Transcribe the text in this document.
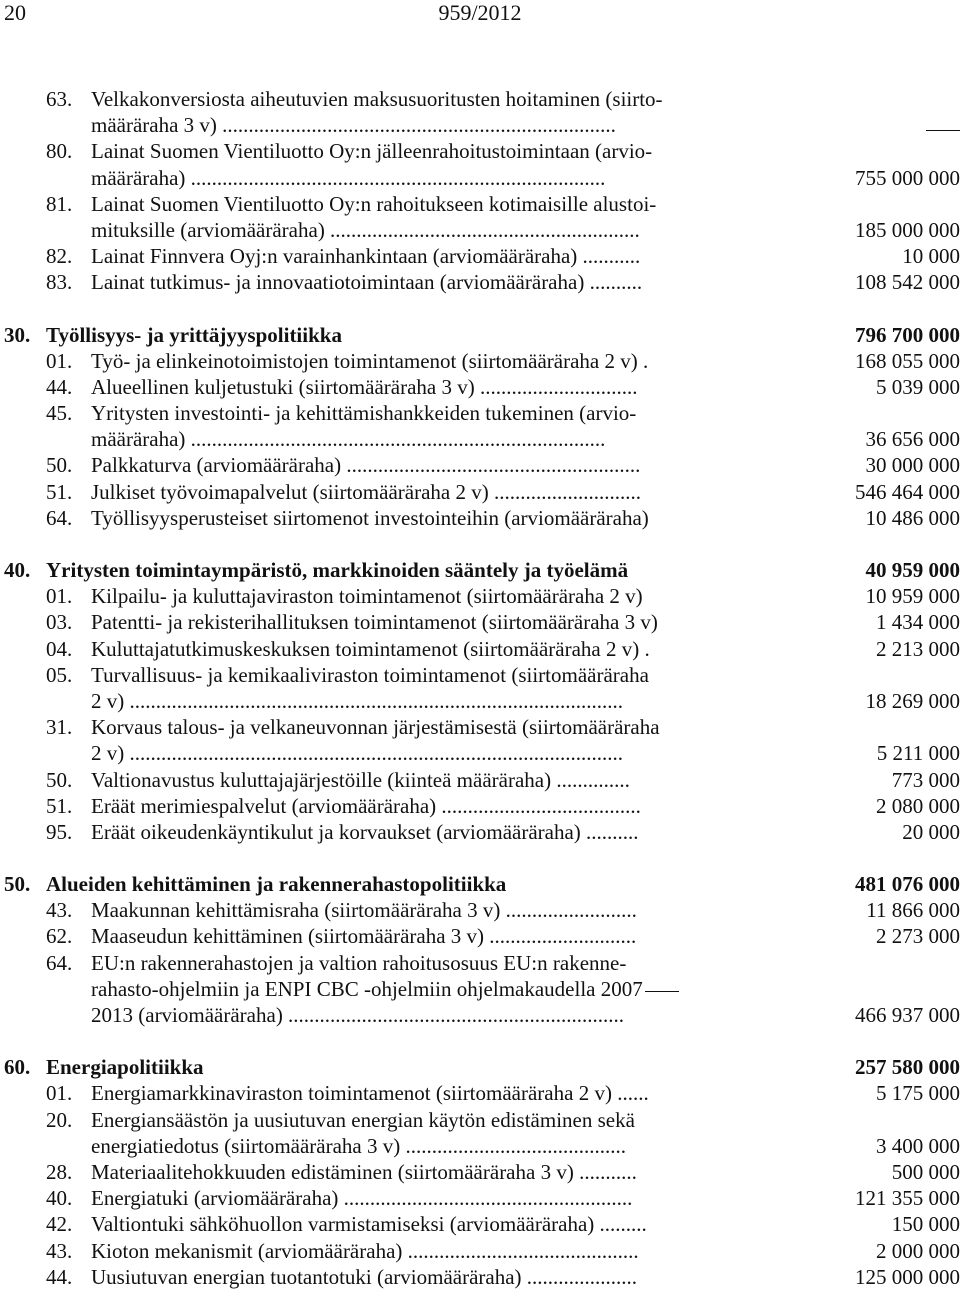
20	959/2012
63. Velkakonversiosta aiheutuvien maksusuoritusten hoitaminen (siirto-
määräraha 3 v) ...........................................................................
80. Lainat Suomen Vientiluotto Oy:n jälleenrahoitustoimintaan (arvio-
määräraha) ...............................................................................	755 000 000
81. Lainat Suomen Vientiluotto Oy:n rahoitukseen kotimaisille alustoi-
mituksille (arviomääräraha) ...........................................................	185 000 000
82. Lainat Finnvera Oyj:n varainhankintaan (arviomääräraha) ...........	10 000
83. Lainat tutkimus- ja innovaatiotoimintaan (arviomääräraha) ..........	108 542 000
30. Työllisyys- ja yrittäjyyspolitiikka	796 700 000
01. Työ- ja elinkeinotoimistojen toimintamenot (siirtomääräraha 2 v) .	168 055 000
44. Alueellinen kuljetustuki (siirtomääräraha 3 v) ..............................	5 039 000
45. Yritysten investointi- ja kehittämishankkeiden tukeminen (arvio-
määräraha) ...............................................................................	36 656 000
50. Palkkaturva (arviomääräraha) ........................................................	30 000 000
51. Julkiset työvoimapalvelut (siirtomääräraha 2 v) ............................	546 464 000
64. Työllisyysperusteiset siirtomenot investointeihin (arviomääräraha)	10 486 000
40. Yritysten toimintaympäristö, markkinoiden sääntely ja työelämä	40 959 000
01. Kilpailu- ja kuluttajaviraston toimintamenot (siirtomääräraha 2 v)	10 959 000
03. Patentti- ja rekisterihallituksen toimintamenot (siirtomääräraha 3 v)	1 434 000
04. Kuluttajatutkimuskeskuksen toimintamenot (siirtomääräraha 2 v) .	2 213 000
05. Turvallisuus- ja kemikaaliviraston toimintamenot (siirtomääräraha
2 v) ..............................................................................................	18 269 000
31. Korvaus talous- ja velkaneuvonnan järjestämisestä (siirtomääräraha
2 v) ..............................................................................................	5 211 000
50. Valtionavustus kuluttajajärjestöille (kiinteä määräraha) ..............	773 000
51. Eräät merimiespalvelut (arviomääräraha) ......................................	2 080 000
95. Eräät oikeudenkäyntikulut ja korvaukset (arviomääräraha) ..........	20 000
50. Alueiden kehittäminen ja rakennerahastopolitiikka	481 076 000
43. Maakunnan kehittämisraha (siirtomääräraha 3 v) .........................	11 866 000
62. Maaseudun kehittäminen (siirtomääräraha 3 v) ............................	2 273 000
64. EU:n rakennerahastojen ja valtion rahoitusosuus EU:n rakenne-
rahasto-ohjelmiin ja ENPI CBC -ohjelmiin ohjelmakaudella 2007
2013 (arviomääräraha) ................................................................	466 937 000
60. Energiapolitiikka	257 580 000
01. Energiamarkkinaviraston toimintamenot (siirtomääräraha 2 v) ......	5 175 000
20. Energiansäästön ja uusiutuvan energian käytön edistäminen sekä
energiatiedotus (siirtomääräraha 3 v) ..........................................	3 400 000
28. Materiaalitehokkuuden edistäminen (siirtomääräraha 3 v) ...........	500 000
40. Energiatuki (arviomääräraha) .......................................................	121 355 000
42. Valtiontuki sähköhuollon varmistamiseksi (arviomääräraha) .........	150 000
43. Kioton mekanismit (arviomääräraha) ............................................	2 000 000
44. Uusiutuvan energian tuotantotuki (arviomääräraha) .....................	125 000 000
